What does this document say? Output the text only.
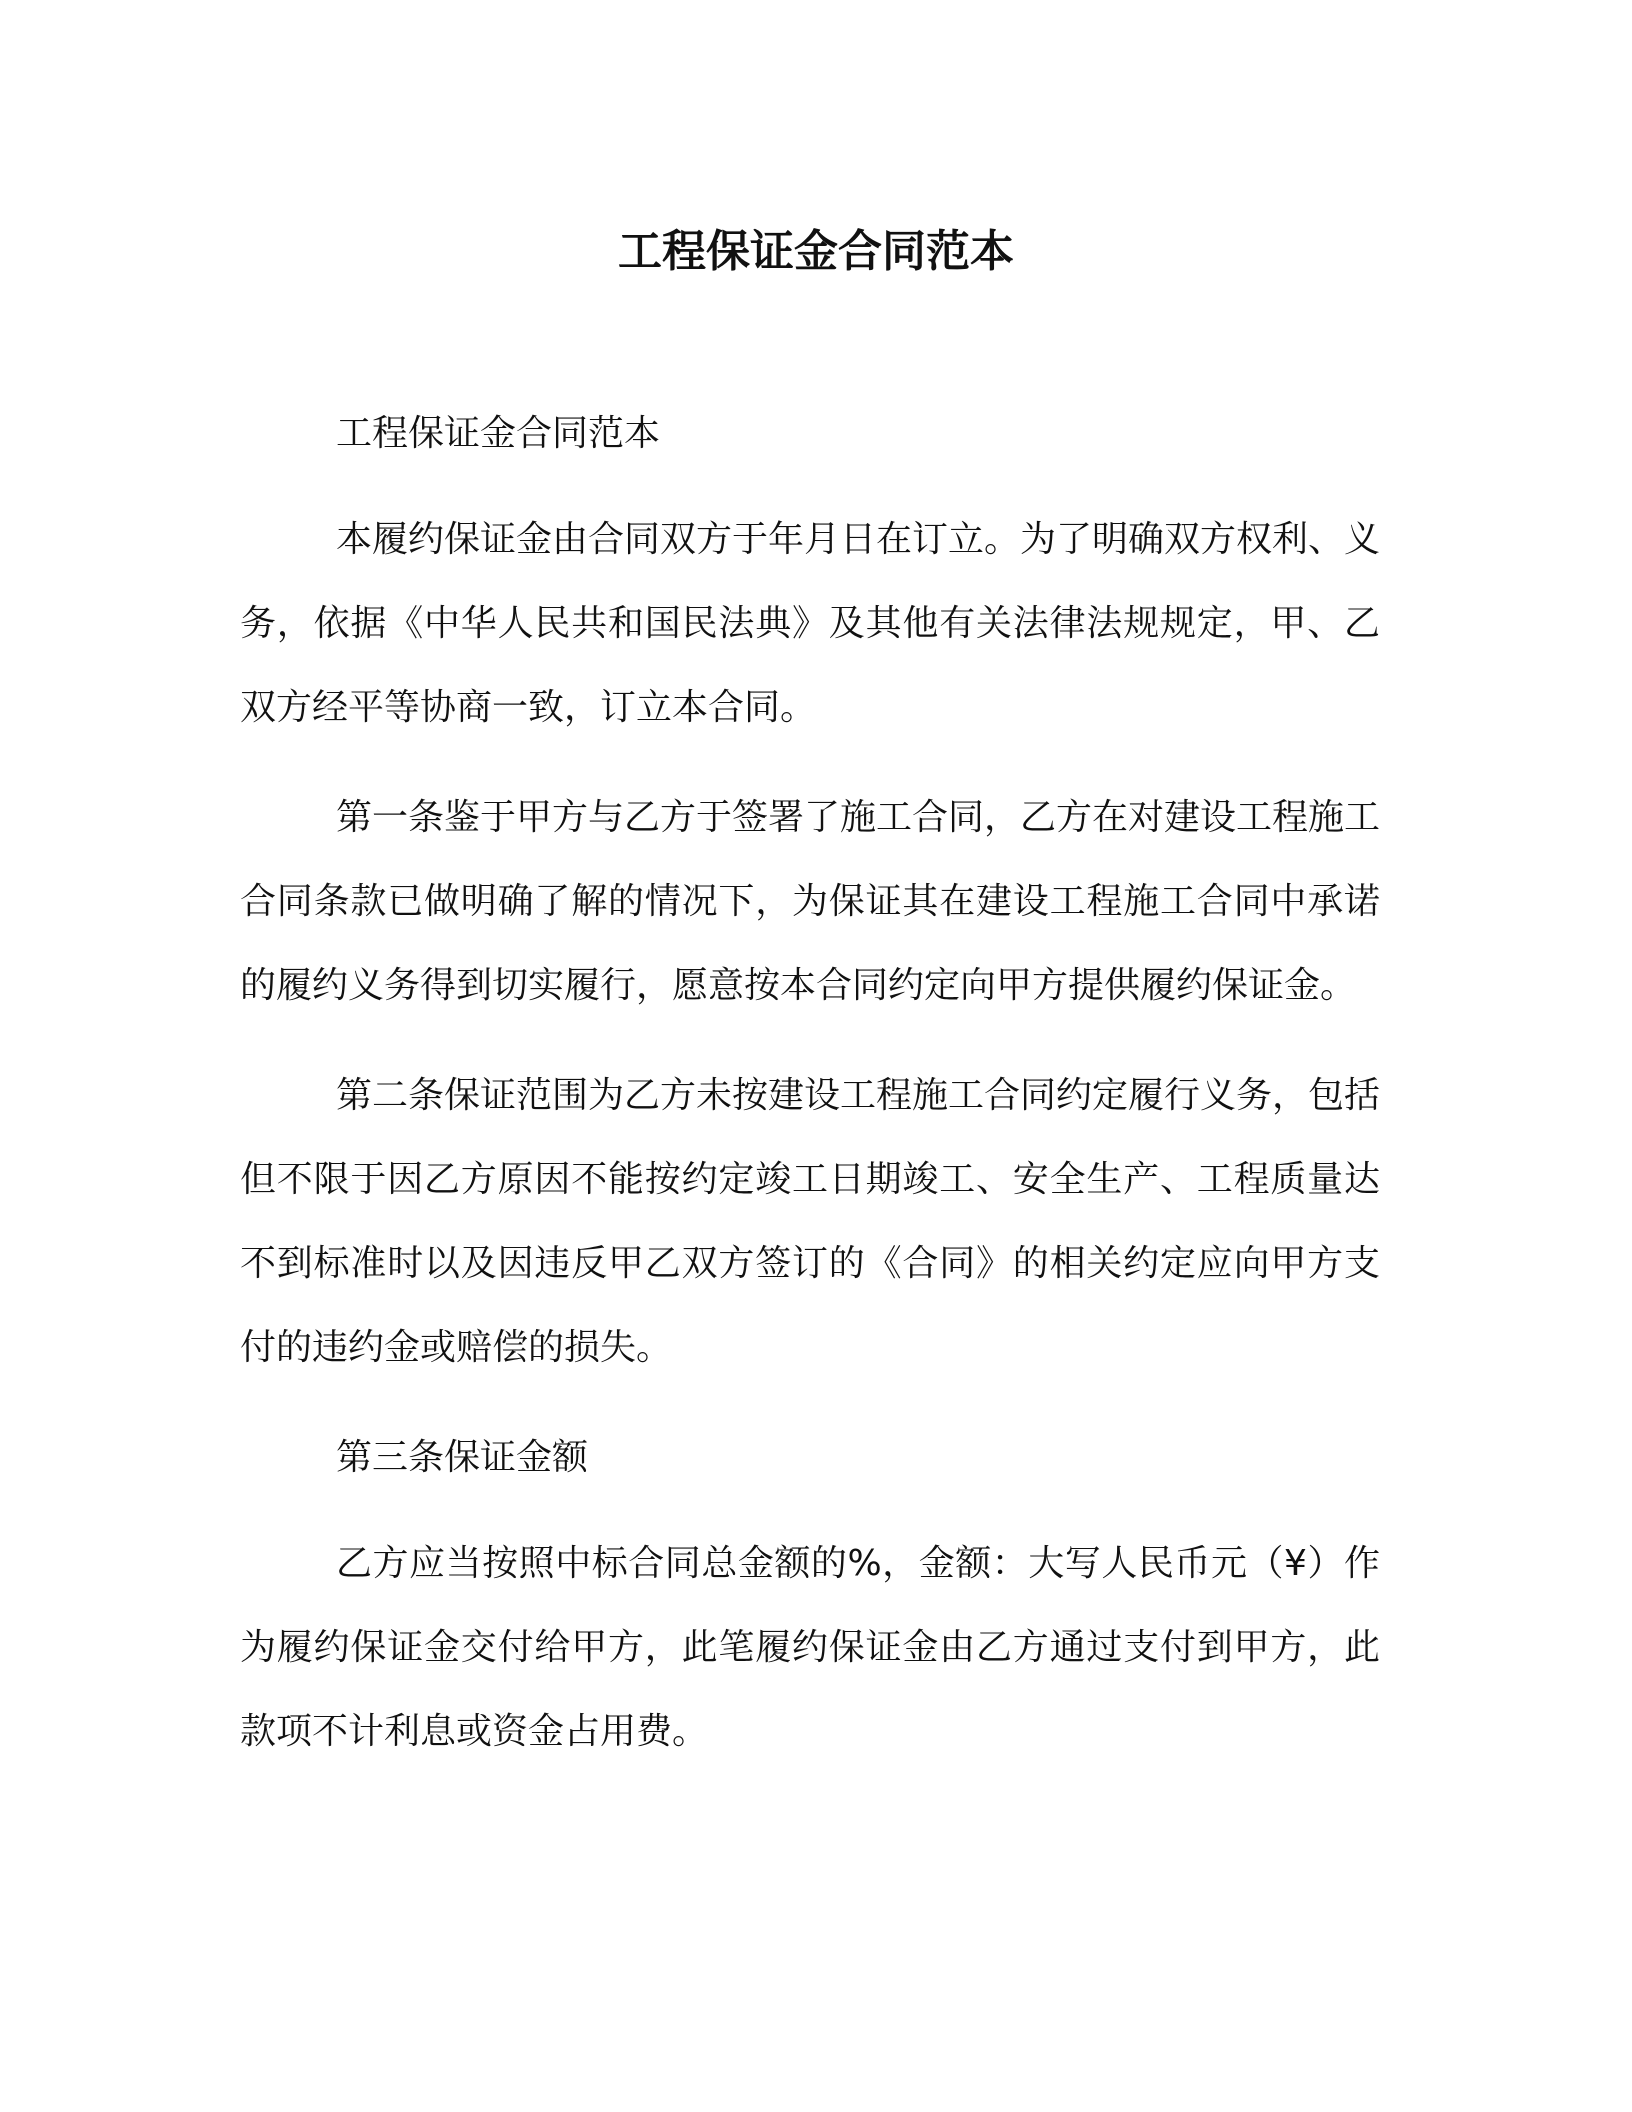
工程保证金合同范本

工程保证金合同范本

本履约保证金由合同双方于年月日在订立。为了明确双方权利、义务，依据《中华人民共和国民法典》及其他有关法律法规规定，甲、乙双方经平等协商一致，订立本合同。

第一条鉴于甲方与乙方于签署了施工合同，乙方在对建设工程施工合同条款已做明确了解的情况下，为保证其在建设工程施工合同中承诺的履约义务得到切实履行，愿意按本合同约定向甲方提供履约保证金。

第二条保证范围为乙方未按建设工程施工合同约定履行义务，包括但不限于因乙方原因不能按约定竣工日期竣工、安全生产、工程质量达不到标准时以及因违反甲乙双方签订的《合同》的相关约定应向甲方支付的违约金或赔偿的损失。

第三条保证金额

乙方应当按照中标合同总金额的%，金额：大写人民币元（¥）作为履约保证金交付给甲方，此笔履约保证金由乙方通过支付到甲方，此款项不计利息或资金占用费。
